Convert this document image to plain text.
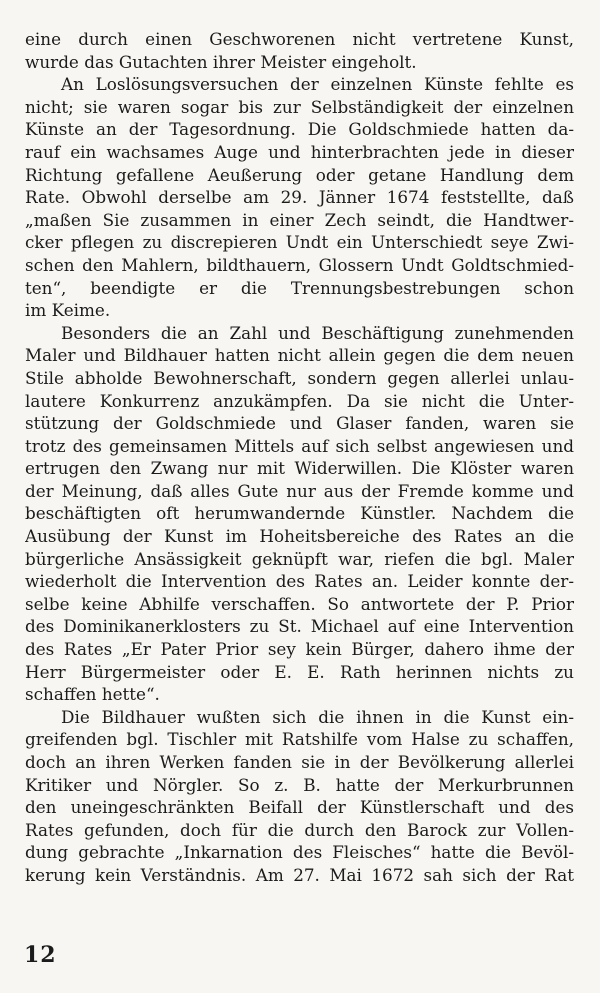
eine durch einen Geschworenen nicht vertretene Kunst,
wurde das Gutachten ihrer Meister eingeholt.
An Loslösungsversuchen der einzelnen Künste fehlte es
nicht; sie waren sogar bis zur Selbständigkeit der einzelnen
Künste an der Tagesordnung. Die Goldschmiede hatten da-
rauf ein wachsames Auge und hinterbrachten jede in dieser
Richtung gefallene Aeußerung oder getane Handlung dem
Rate. Obwohl derselbe am 29. Jänner 1674 feststellte, daß
„maßen Sie zusammen in einer Zech seindt, die Handtwer-
cker pflegen zu discrepieren Undt ein Unterschiedt seye Zwi-
schen den Mahlern, bildthauern, Glossern Undt Goldtschmied-
ten“, beendigte er die Trennungsbestrebungen schon
im Keime.
Besonders die an Zahl und Beschäftigung zunehmenden
Maler und Bildhauer hatten nicht allein gegen die dem neuen
Stile abholde Bewohnerschaft, sondern gegen allerlei unlau-
lautere Konkurrenz anzukämpfen. Da sie nicht die Unter-
stützung der Goldschmiede und Glaser fanden, waren sie
trotz des gemeinsamen Mittels auf sich selbst angewiesen und
ertrugen den Zwang nur mit Widerwillen. Die Klöster waren
der Meinung, daß alles Gute nur aus der Fremde komme und
beschäftigten oft herumwandernde Künstler. Nachdem die
Ausübung der Kunst im Hoheitsbereiche des Rates an die
bürgerliche Ansässigkeit geknüpft war, riefen die bgl. Maler
wiederholt die Intervention des Rates an. Leider konnte der-
selbe keine Abhilfe verschaffen. So antwortete der P. Prior
des Dominikanerklosters zu St. Michael auf eine Intervention
des Rates „Er Pater Prior sey kein Bürger, dahero ihme der
Herr Bürgermeister oder E. E. Rath herinnen nichts zu
schaffen hette“.
Die Bildhauer wußten sich die ihnen in die Kunst ein-
greifenden bgl. Tischler mit Ratshilfe vom Halse zu schaffen,
doch an ihren Werken fanden sie in der Bevölkerung allerlei
Kritiker und Nörgler. So z. B. hatte der Merkurbrunnen
den uneingeschränkten Beifall der Künstlerschaft und des
Rates gefunden, doch für die durch den Barock zur Vollen-
dung gebrachte „Inkarnation des Fleisches“ hatte die Bevöl-
kerung kein Verständnis. Am 27. Mai 1672 sah sich der Rat
12
